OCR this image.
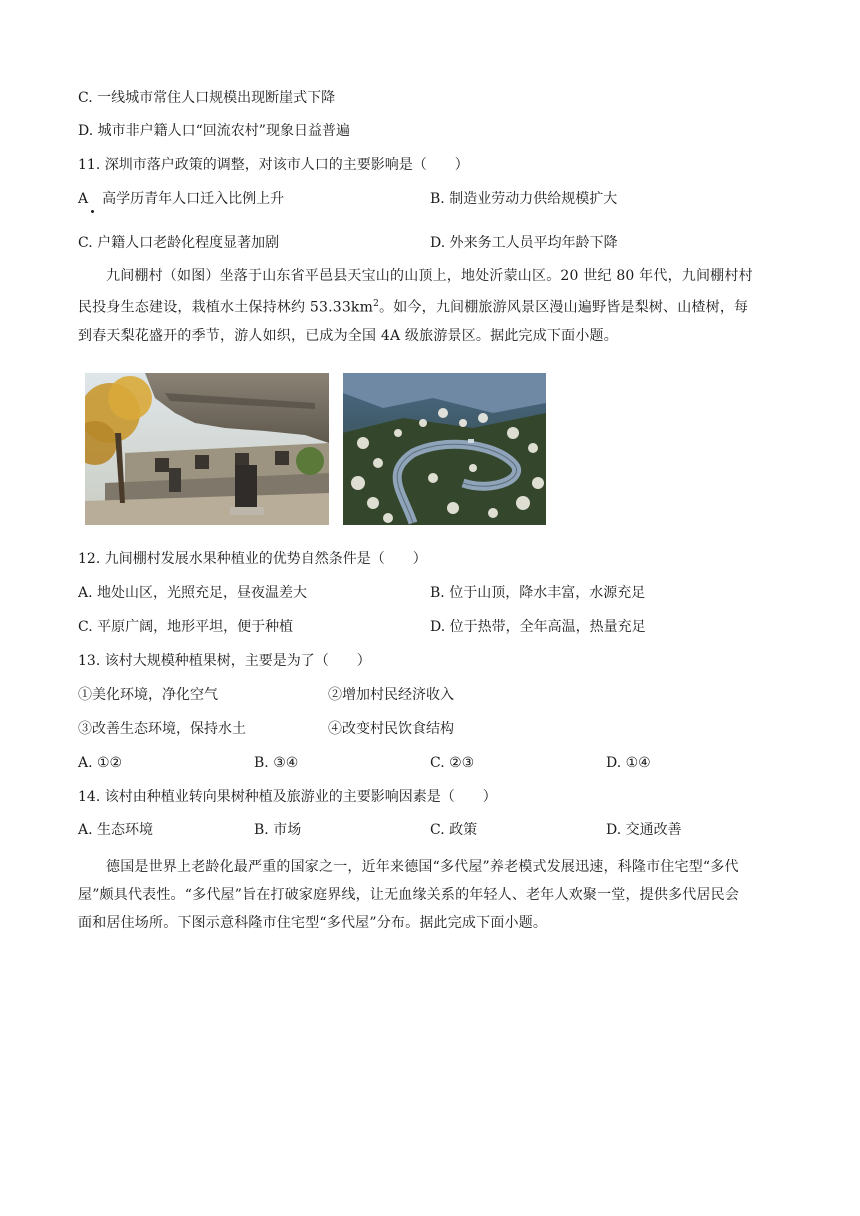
C. 一线城市常住人口规模出现断崖式下降
D. 城市非户籍人口“回流农村”现象日益普遍
11. 深圳市落户政策的调整，对该市人口的主要影响是（　　）
A　高学历青年人口迁入比例上升	B. 制造业劳动力供给规模扩大
C. 户籍人口老龄化程度显著加剧	D. 外来务工人员平均年龄下降
九间棚村（如图）坐落于山东省平邑县天宝山的山顶上，地处沂蒙山区。20 世纪 80 年代，九间棚村村
民投身生态建设，栽植水土保持林约 $53.33km^2$。如今，九间棚旅游风景区漫山遍野皆是梨树、山楂树，每
到春天梨花盛开的季节，游人如织，已成为全国 4A 级旅游景区。据此完成下面小题。
12. 九间棚村发展水果种植业的优势自然条件是（　　）
A. 地处山区，光照充足，昼夜温差大	B. 位于山顶，降水丰富，水源充足
C. 平原广阔，地形平坦，便于种植	D. 位于热带，全年高温，热量充足
13. 该村大规模种植果树，主要是为了（　　）
①美化环境，净化空气	②增加村民经济收入
③改善生态环境，保持水土	④改变村民饮食结构
A. ①②	B. ③④	C. ②③	D. ①④
14. 该村由种植业转向果树种植及旅游业的主要影响因素是（　　）
A. 生态环境	B. 市场	C. 政策	D. 交通改善
德国是世界上老龄化最严重的国家之一，近年来德国“多代屋”养老模式发展迅速，科隆市住宅型“多代
屋”颇具代表性。“多代屋”旨在打破家庭界线，让无血缘关系的年轻人、老年人欢聚一堂，提供多代居民会
面和居住场所。下图示意科隆市住宅型“多代屋”分布。据此完成下面小题。
